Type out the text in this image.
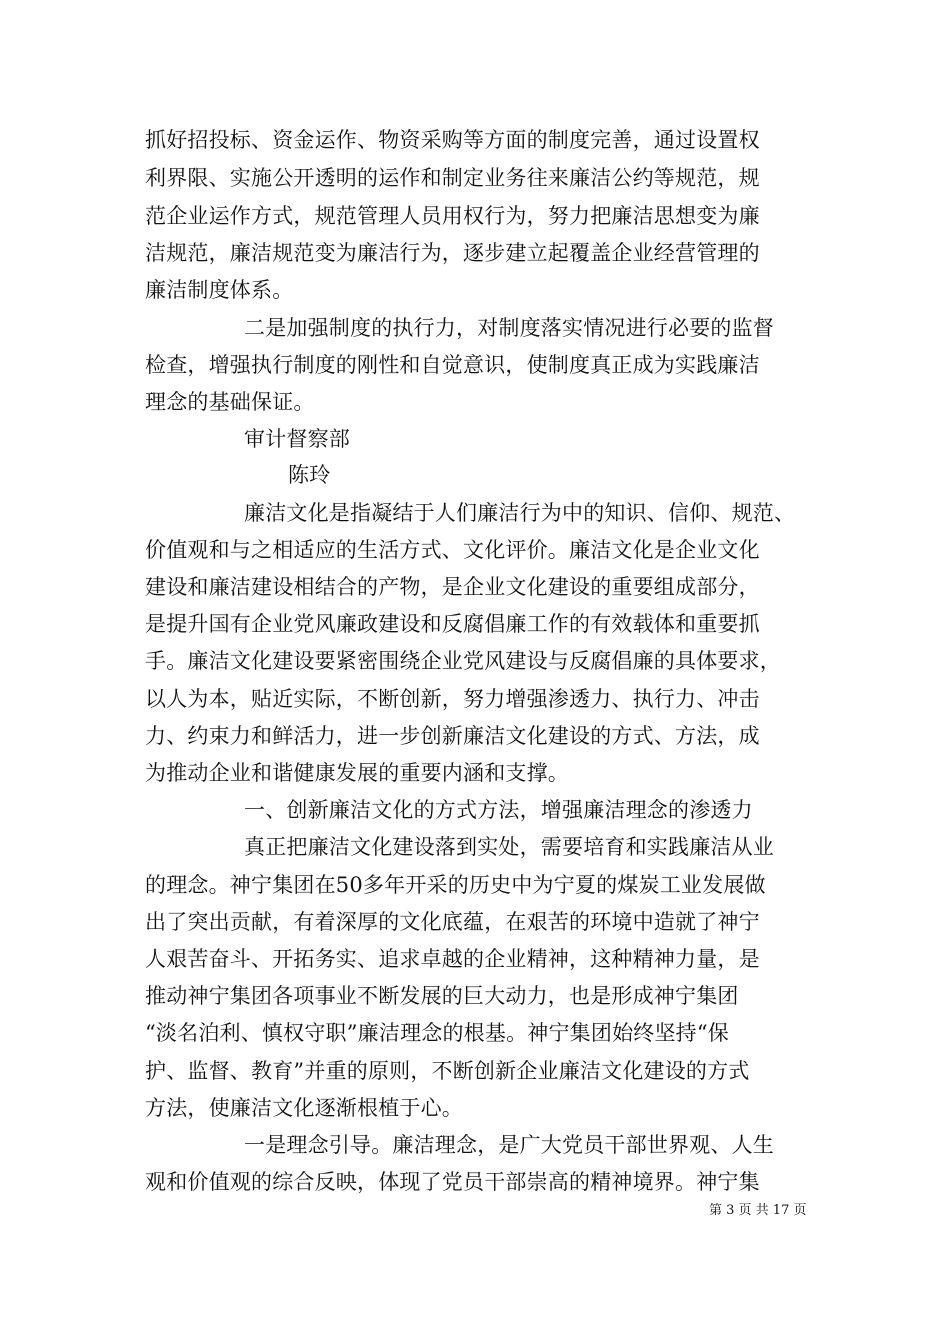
抓好招投标、资金运作、物资采购等方面的制度完善，通过设置权
利界限、实施公开透明的运作和制定业务往来廉洁公约等规范，规
范企业运作方式，规范管理人员用权行为，努力把廉洁思想变为廉
洁规范，廉洁规范变为廉洁行为，逐步建立起覆盖企业经营管理的
廉洁制度体系。
二是加强制度的执行力，对制度落实情况进行必要的监督
检查，增强执行制度的刚性和自觉意识，使制度真正成为实践廉洁
理念的基础保证。
审计督察部
陈玲
廉洁文化是指凝结于人们廉洁行为中的知识、信仰、规范、
价值观和与之相适应的生活方式、文化评价。廉洁文化是企业文化
建设和廉洁建设相结合的产物，是企业文化建设的重要组成部分，
是提升国有企业党风廉政建设和反腐倡廉工作的有效载体和重要抓
手。廉洁文化建设要紧密围绕企业党风建设与反腐倡廉的具体要求，
以人为本，贴近实际，不断创新，努力增强渗透力、执行力、冲击
力、约束力和鲜活力，进一步创新廉洁文化建设的方式、方法，成
为推动企业和谐健康发展的重要内涵和支撑。
一、创新廉洁文化的方式方法，增强廉洁理念的渗透力
真正把廉洁文化建设落到实处，需要培育和实践廉洁从业
的理念。神宁集团在50多年开采的历史中为宁夏的煤炭工业发展做
出了突出贡献，有着深厚的文化底蕴，在艰苦的环境中造就了神宁
人艰苦奋斗、开拓务实、追求卓越的企业精神，这种精神力量，是
推动神宁集团各项事业不断发展的巨大动力，也是形成神宁集团
“淡名泊利、慎权守职”廉洁理念的根基。神宁集团始终坚持“保
护、监督、教育”并重的原则，不断创新企业廉洁文化建设的方式
方法，使廉洁文化逐渐根植于心。
一是理念引导。廉洁理念，是广大党员干部世界观、人生
观和价值观的综合反映，体现了党员干部崇高的精神境界。神宁集
第 3 页 共 17 页
